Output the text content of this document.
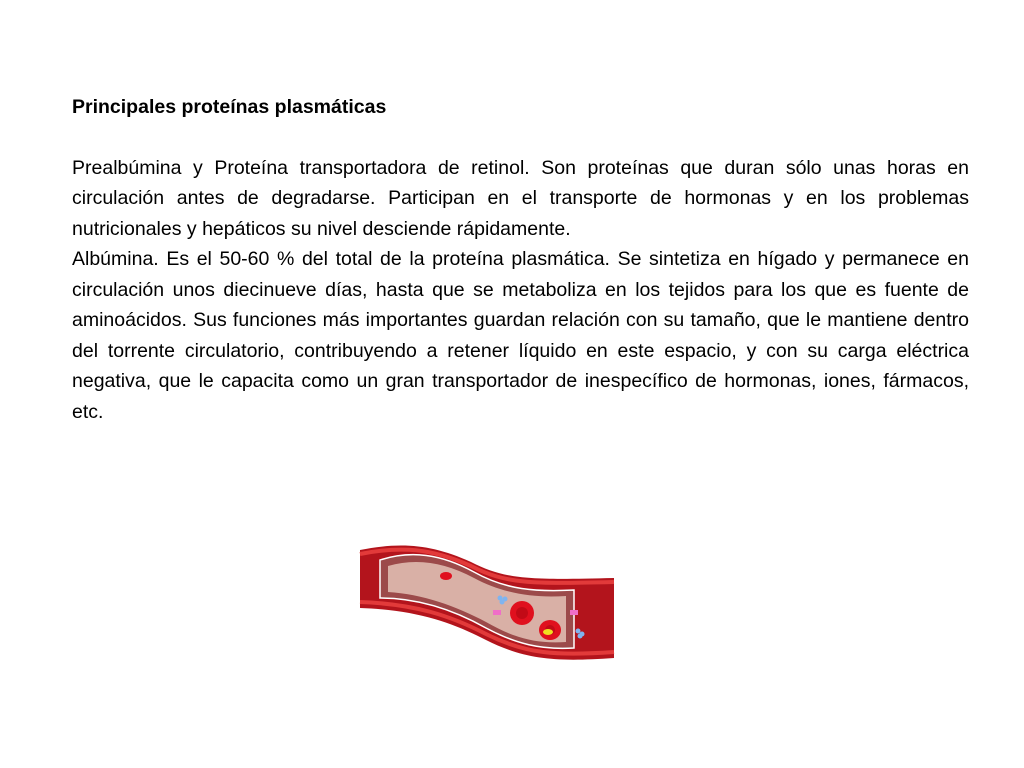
Principales proteínas plasmáticas

Prealbúmina y Proteína transportadora de retinol. Son proteínas que duran sólo unas horas en circulación antes de degradarse. Participan en el transporte de hormonas y en los problemas nutricionales y hepáticos su nivel desciende rápidamente.

Albúmina. Es el 50-60 % del total de la proteína plasmática. Se sintetiza en hígado y permanece en circulación unos diecinueve días, hasta que se metaboliza en los tejidos para los que es fuente de aminoácidos. Sus funciones más importantes guardan relación con su tamaño, que le mantiene dentro del torrente circulatorio, contribuyendo a retener líquido en este espacio, y con su carga eléctrica negativa, que le capacita como un gran transportador de inespecífico de hormonas, iones, fármacos, etc.
